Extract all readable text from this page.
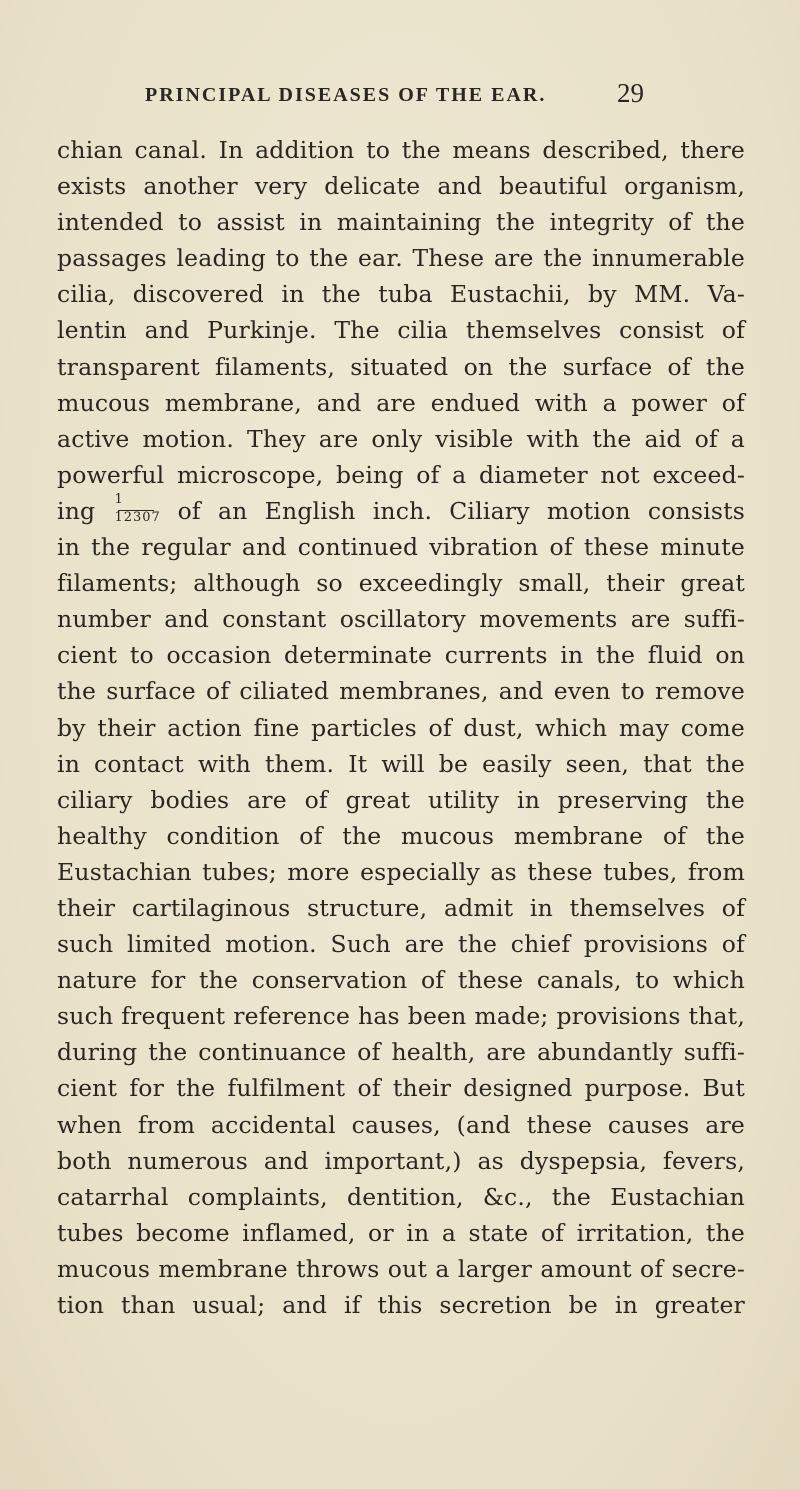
PRINCIPAL DISEASES OF THE EAR.	29
chian canal. In addition to the means described, there
exists another very delicate and beautiful organism,
intended to assist in maintaining the integrity of the
passages leading to the ear. These are the innumerable
cilia, discovered in the tuba Eustachii, by MM. Va-
lentin and Purkinje. The cilia themselves consist of
transparent filaments, situated on the surface of the
mucous membrane, and are endued with a power of
active motion. They are only visible with the aid of a
powerful microscope, being of a diameter not exceed-
ing $\frac{1}{12307}$ of an English inch. Ciliary motion consists
in the regular and continued vibration of these minute
filaments; although so exceedingly small, their great
number and constant oscillatory movements are suffi-
cient to occasion determinate currents in the fluid on
the surface of ciliated membranes, and even to remove
by their action fine particles of dust, which may come
in contact with them. It will be easily seen, that the
ciliary bodies are of great utility in preserving the
healthy condition of the mucous membrane of the
Eustachian tubes; more especially as these tubes, from
their cartilaginous structure, admit in themselves of
such limited motion. Such are the chief provisions of
nature for the conservation of these canals, to which
such frequent reference has been made; provisions that,
during the continuance of health, are abundantly suffi-
cient for the fulfilment of their designed purpose. But
when from accidental causes, (and these causes are
both numerous and important,) as dyspepsia, fevers,
catarrhal complaints, dentition, &c., the Eustachian
tubes become inflamed, or in a state of irritation, the
mucous membrane throws out a larger amount of secre-
tion than usual; and if this secretion be in greater
